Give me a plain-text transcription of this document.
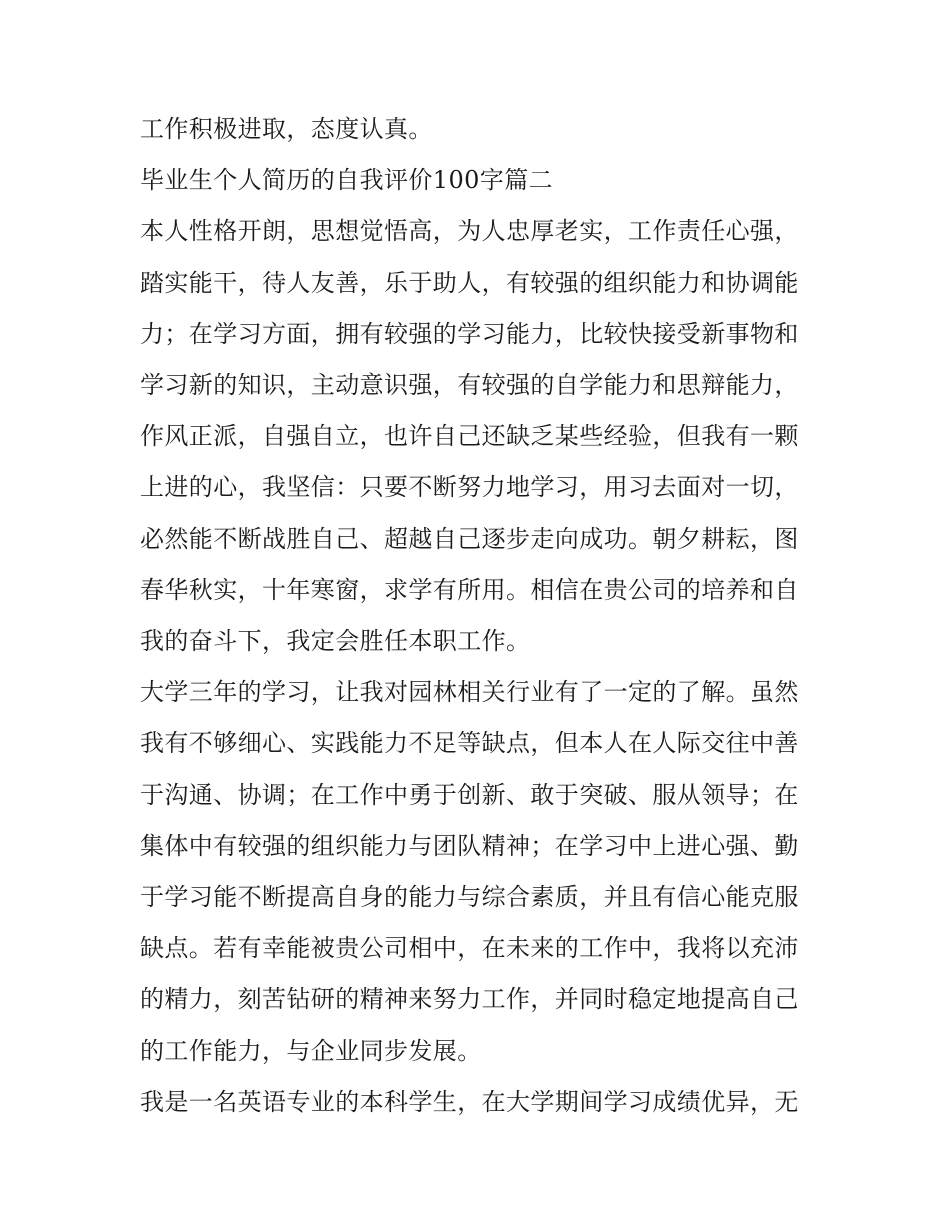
工作积极进取，态度认真。
毕业生个人简历的自我评价100字篇二
本人性格开朗，思想觉悟高，为人忠厚老实，工作责任心强，
踏实能干，待人友善，乐于助人，有较强的组织能力和协调能
力；在学习方面，拥有较强的学习能力，比较快接受新事物和
学习新的知识，主动意识强，有较强的自学能力和思辩能力，
作风正派，自强自立，也许自己还缺乏某些经验，但我有一颗
上进的心，我坚信：只要不断努力地学习，用习去面对一切，
必然能不断战胜自己、超越自己逐步走向成功。朝夕耕耘，图
春华秋实，十年寒窗，求学有所用。相信在贵公司的培养和自
我的奋斗下，我定会胜任本职工作。
大学三年的学习，让我对园林相关行业有了一定的了解。虽然
我有不够细心、实践能力不足等缺点，但本人在人际交往中善
于沟通、协调；在工作中勇于创新、敢于突破、服从领导；在
集体中有较强的组织能力与团队精神；在学习中上进心强、勤
于学习能不断提高自身的能力与综合素质，并且有信心能克服
缺点。若有幸能被贵公司相中，在未来的工作中，我将以充沛
的精力，刻苦钻研的精神来努力工作，并同时稳定地提高自己
的工作能力，与企业同步发展。
我是一名英语专业的本科学生，在大学期间学习成绩优异，无
